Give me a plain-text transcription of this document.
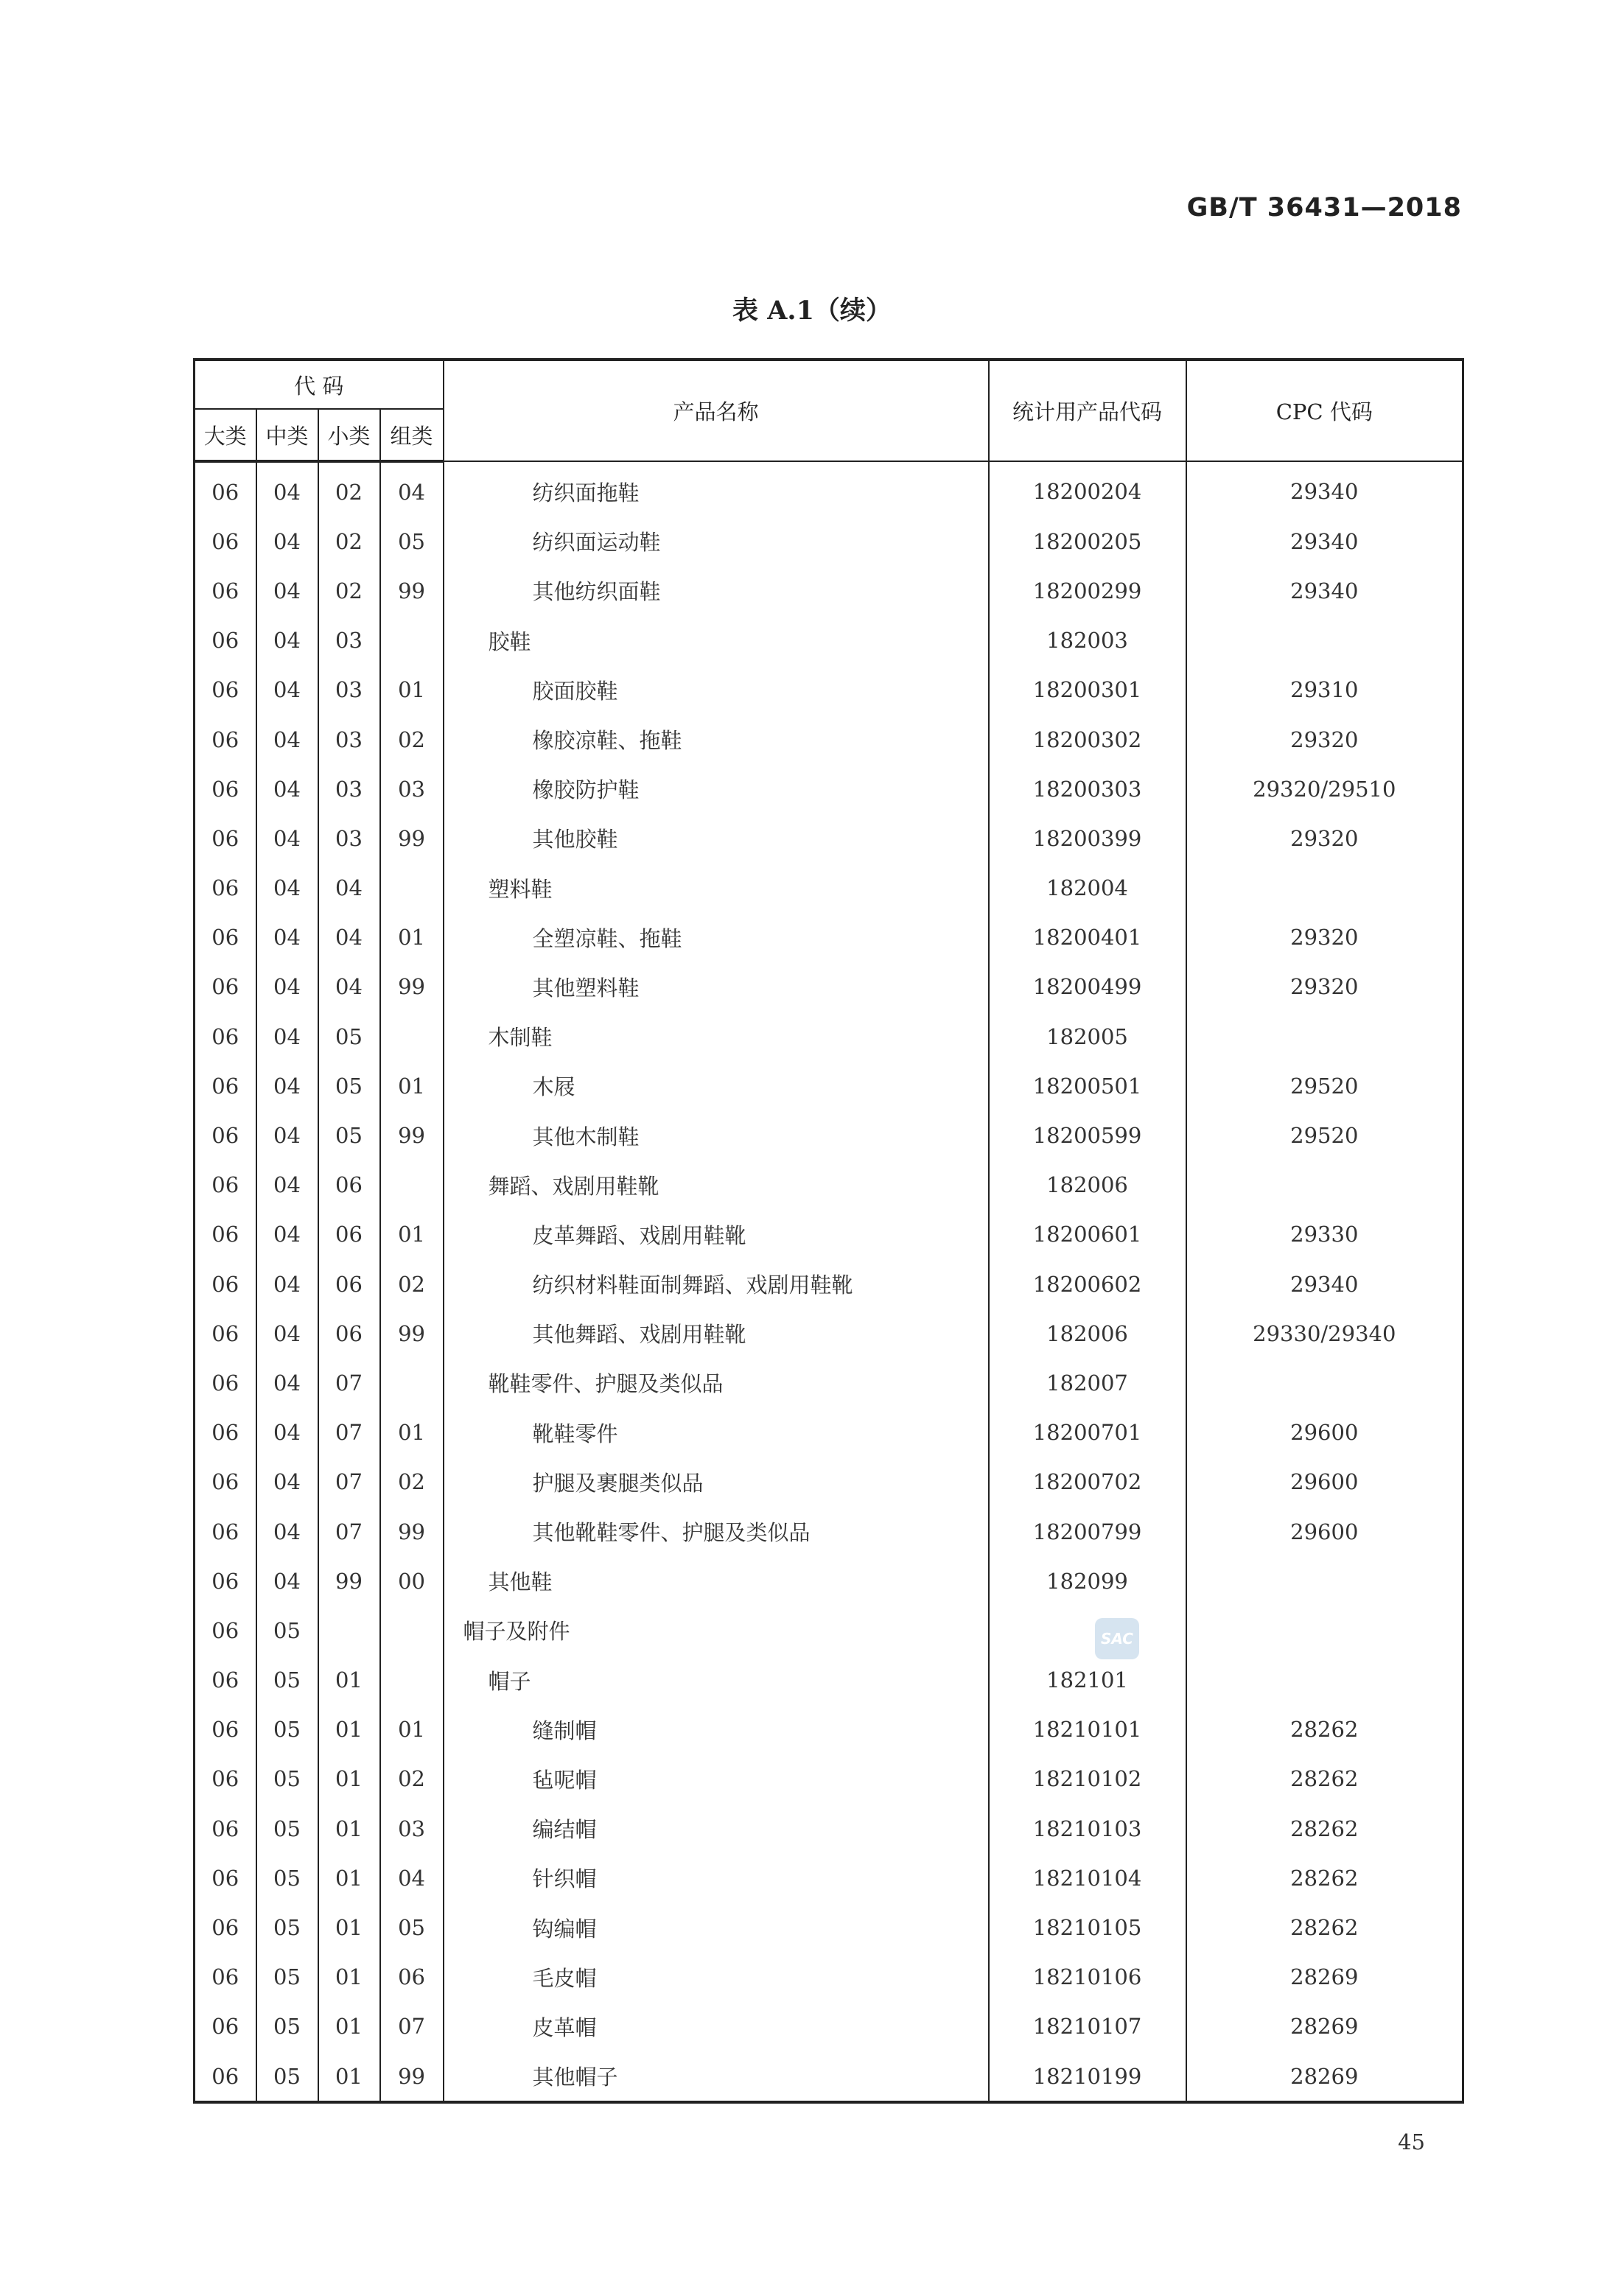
GB/T 36431—2018
表 A.1（续）
代 码				产品名称	统计用产品代码	CPC 代码
大类	中类	小类	组类			
06	04	02	04	纺织面拖鞋	18200204	29340
06	04	02	05	纺织面运动鞋	18200205	29340
06	04	02	99	其他纺织面鞋	18200299	29340
06	04	03		胶鞋	182003	
06	04	03	01	胶面胶鞋	18200301	29310
06	04	03	02	橡胶凉鞋、拖鞋	18200302	29320
06	04	03	03	橡胶防护鞋	18200303	29320/29510
06	04	03	99	其他胶鞋	18200399	29320
06	04	04		塑料鞋	182004	
06	04	04	01	全塑凉鞋、拖鞋	18200401	29320
06	04	04	99	其他塑料鞋	18200499	29320
06	04	05		木制鞋	182005	
06	04	05	01	木屐	18200501	29520
06	04	05	99	其他木制鞋	18200599	29520
06	04	06		舞蹈、戏剧用鞋靴	182006	
06	04	06	01	皮革舞蹈、戏剧用鞋靴	18200601	29330
06	04	06	02	纺织材料鞋面制舞蹈、戏剧用鞋靴	18200602	29340
06	04	06	99	其他舞蹈、戏剧用鞋靴	182006	29330/29340
06	04	07		靴鞋零件、护腿及类似品	182007	
06	04	07	01	靴鞋零件	18200701	29600
06	04	07	02	护腿及裹腿类似品	18200702	29600
06	04	07	99	其他靴鞋零件、护腿及类似品	18200799	29600
06	04	99	00	其他鞋	182099	
06	05			帽子及附件		
06	05	01		帽子	182101	
06	05	01	01	缝制帽	18210101	28262
06	05	01	02	毡呢帽	18210102	28262
06	05	01	03	编结帽	18210103	28262
06	05	01	04	针织帽	18210104	28262
06	05	01	05	钩编帽	18210105	28262
06	05	01	06	毛皮帽	18210106	28269
06	05	01	07	皮革帽	18210107	28269
06	05	01	99	其他帽子	18210199	28269
SAC
45
